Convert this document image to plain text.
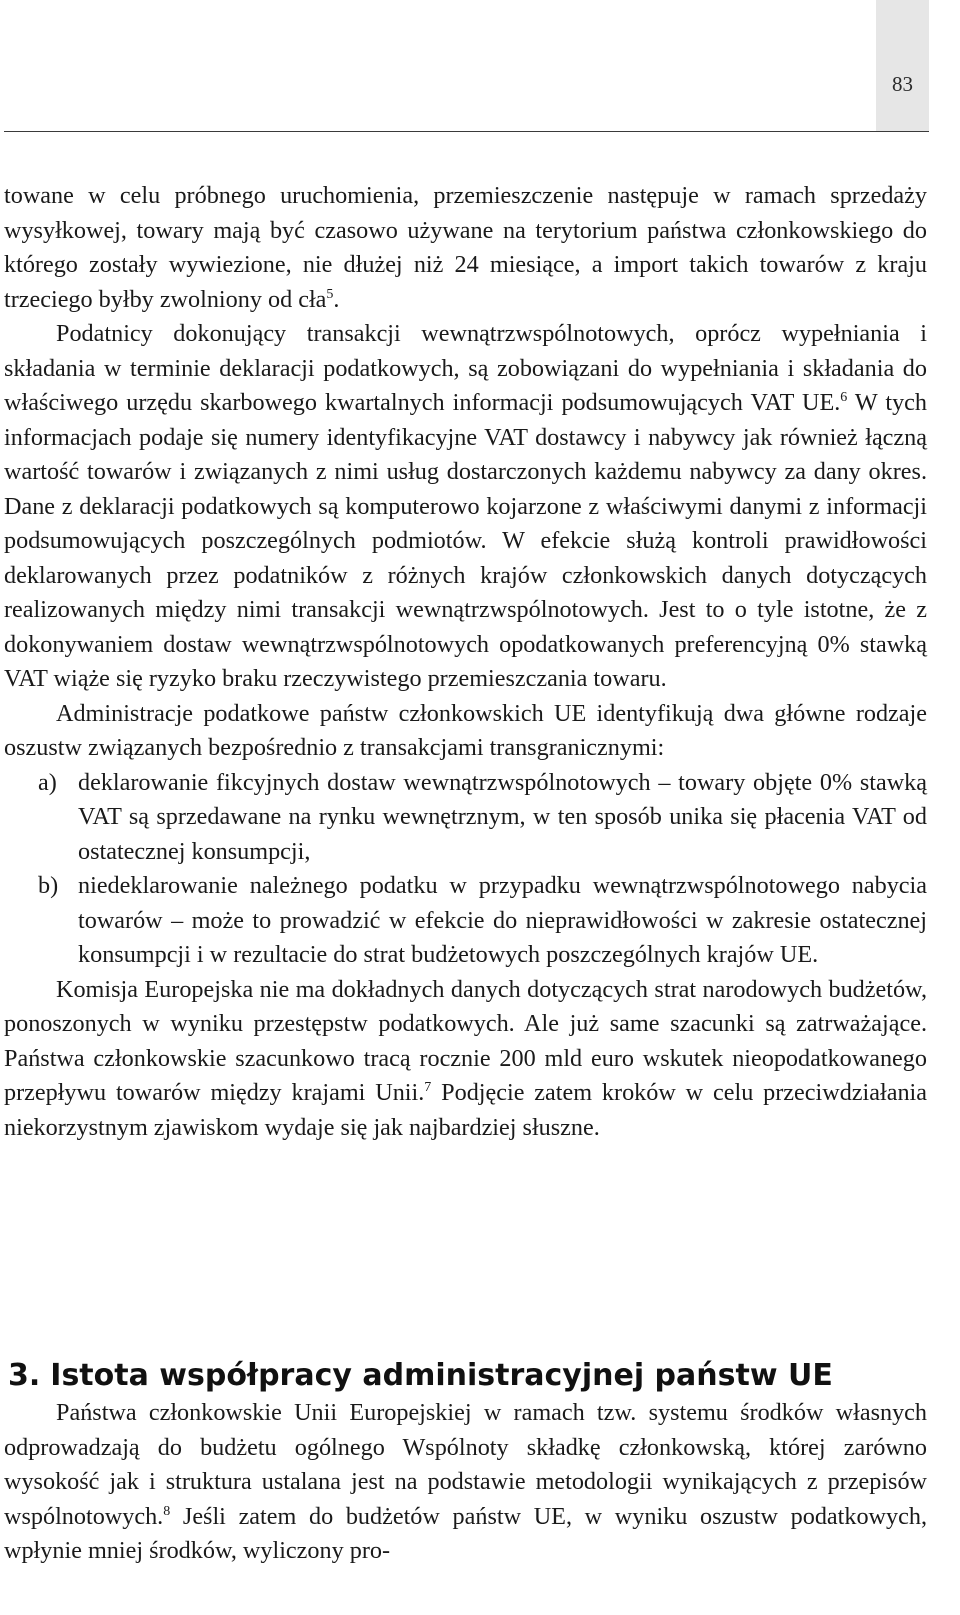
83

towane w celu próbnego uruchomienia, przemieszczenie następuje w ramach sprzedaży wysyłkowej, towary mają być czasowo używane na terytorium państwa członkowskiego do którego zostały wywiezione, nie dłużej niż 24 miesiące, a import takich towarów z kraju trzeciego byłby zwolniony od cła$^5$.

Podatnicy dokonujący transakcji wewnątrzwspólnotowych, oprócz wypełniania i składania w terminie deklaracji podatkowych, są zobowiązani do wypełniania i składania do właściwego urzędu skarbowego kwartalnych informacji podsumowujących VAT UE.$^6$ W tych informacjach podaje się numery identyfikacyjne VAT dostawcy i nabywcy jak również łączną wartość towarów i związanych z nimi usług dostarczonych każdemu nabywcy za dany okres. Dane z deklaracji podatkowych są komputerowo kojarzone z właściwymi danymi z informacji podsumowujących poszczególnych podmiotów. W efekcie służą kontroli prawidłowości deklarowanych przez podatników z różnych krajów członkowskich danych dotyczących realizowanych między nimi transakcji wewnątrzwspólnotowych. Jest to o tyle istotne, że z dokonywaniem dostaw wewnątrzwspólnotowych opodatkowanych preferencyjną 0% stawką VAT wiąże się ryzyko braku rzeczywistego przemieszczania towaru.

Administracje podatkowe państw członkowskich UE identyfikują dwa główne rodzaje oszustw związanych bezpośrednio z transakcjami transgranicznymi:

a) deklarowanie fikcyjnych dostaw wewnątrzwspólnotowych – towary objęte 0% stawką VAT są sprzedawane na rynku wewnętrznym, w ten sposób unika się płacenia VAT od ostatecznej konsumpcji,
b) niedeklarowanie należnego podatku w przypadku wewnątrzwspólnotowego nabycia towarów – może to prowadzić w efekcie do nieprawidłowości w zakresie ostatecznej konsumpcji i w rezultacie do strat budżetowych poszczególnych krajów UE.

Komisja Europejska nie ma dokładnych danych dotyczących strat narodowych budżetów, ponoszonych w wyniku przestępstw podatkowych. Ale już same szacunki są zatrważające. Państwa członkowskie szacunkowo tracą rocznie 200 mld euro wskutek nieopodatkowanego przepływu towarów między krajami Unii.$^7$ Podjęcie zatem kroków w celu przeciwdziałania niekorzystnym zjawiskom wydaje się jak najbardziej słuszne.

3. Istota współpracy administracyjnej państw UE

Państwa członkowskie Unii Europejskiej w ramach tzw. systemu środków własnych odprowadzają do budżetu ogólnego Wspólnoty składkę członkowską, której zarówno wysokość jak i struktura ustalana jest na podstawie metodologii wynikających z przepisów wspólnotowych.$^8$ Jeśli zatem do budżetów państw UE, w wyniku oszustw podatkowych, wpłynie mniej środków, wyliczony pro-
